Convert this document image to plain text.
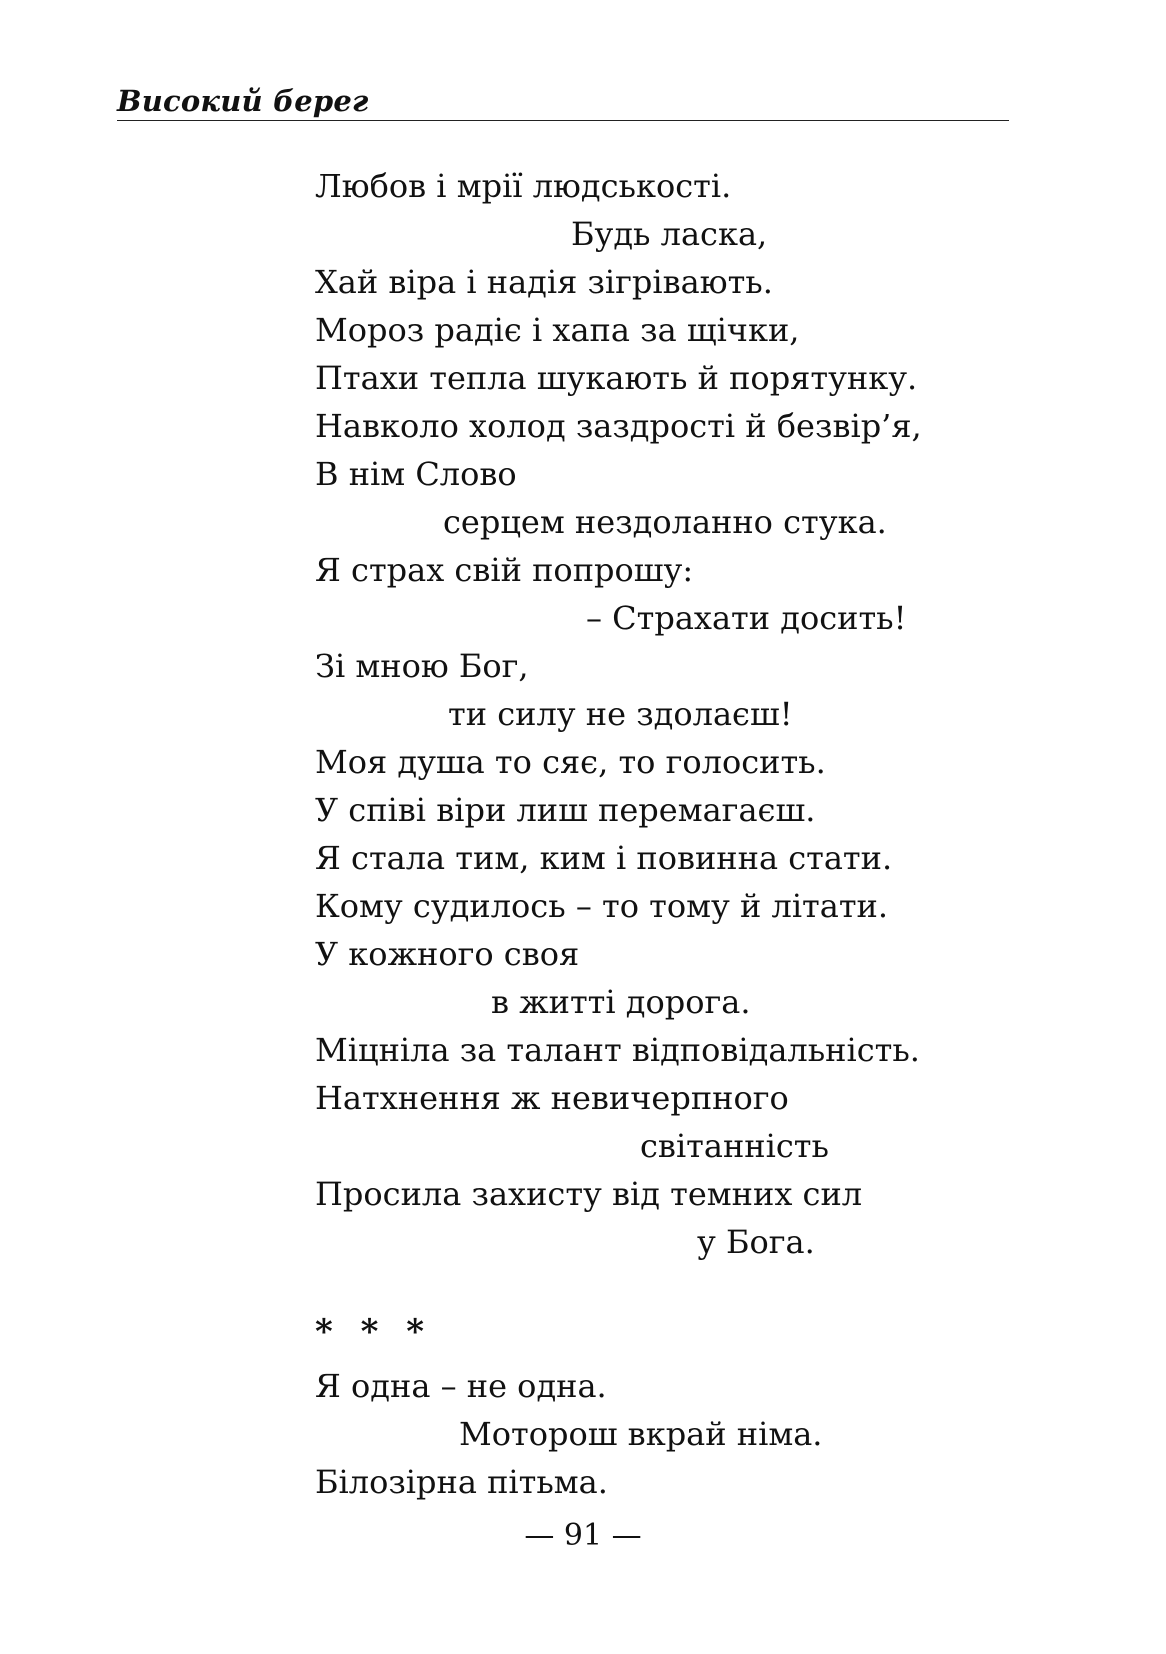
Високий берег
Любов і мрії людськості.
Будь ласка,
Хай віра і надія зігрівають.
Мороз радіє і хапа за щічки,
Птахи тепла шукають й порятунку.
Навколо холод заздрості й безвір’я,
В нім Слово
серцем нездоланно стука.
Я страх свій попрошу:
– Страхати досить!
Зі мною Бог,
ти силу не здолаєш!
Моя душа то сяє, то голосить.
У співі віри лиш перемагаєш.
Я стала тим, ким і повинна стати.
Кому судилось – то тому й літати.
У кожного своя
в житті дорога.
Міцніла за талант відповідальність.
Натхнення ж невичерпного
світанність
Просила захисту від темних сил
у Бога.
* * *
Я одна – не одна.
Моторош вкрай німа.
Білозірна пітьма.
— 91 —
